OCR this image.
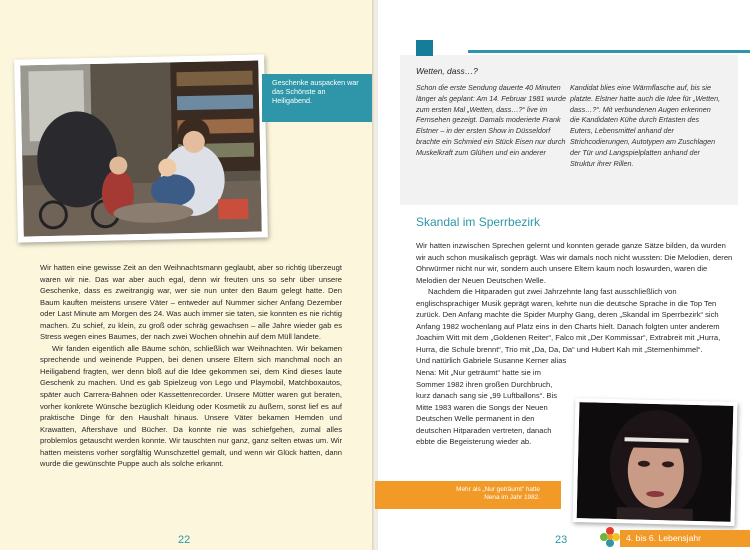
Geschenke auspacken war das Schönste an Heiligabend.

Wir hatten eine gewisse Zeit an den Weihnachtsmann geglaubt, aber so richtig überzeugt waren wir nie. Das war aber auch egal, denn wir freuten uns so sehr über unsere Geschenke, dass es zweitrangig war, wer sie nun unter den Baum gelegt hatte. Den Baum kauften meistens unsere Väter – entweder auf Nummer sicher Anfang Dezember oder Last Minute am Morgen des 24. Was auch immer sie taten, sie konnten es nie richtig machen. Zu schief, zu klein, zu groß oder schräg gewachsen – alle Jahre wieder gab es Stress wegen eines Baumes, der nach zwei Wochen ohnehin auf dem Müll landete.

Wir fanden eigentlich alle Bäume schön, schließlich war Weihnachten. Wir bekamen sprechende und weinende Puppen, bei denen unsere Eltern sich manchmal noch an Heiligabend fragten, wer denn bloß auf die Idee gekommen sei, dem Kind dieses laute Geschenk zu machen. Und es gab Spielzeug von Lego und Playmobil, Matchboxautos, später auch Carrera-Bahnen oder Kassettenrecorder. Unsere Mütter waren gut beraten, vorher konkrete Wünsche bezüglich Kleidung oder Kosmetik zu äußern, sonst lief es auf praktische Dinge für den Haushalt hinaus. Unsere Väter bekamen Hemden und Krawatten, Aftershave und Bücher. Da konnte nie was schiefgehen, zumal alles problemlos getauscht werden konnte. Wir tauschten nur ganz, ganz selten etwas um. Wir hatten meistens vorher sorgfältig Wunschzettel gemalt, und wenn wir Glück hatten, dann wurde die gewünschte Puppe auch als solche erkannt.

22
Wetten, dass…?
Schon die erste Sendung dauerte 40 Minuten länger als geplant: Am 14. Februar 1981 wurde zum ersten Mal „Wetten, dass…?“ live im Fernsehen gezeigt. Damals moderierte Frank Elstner – in der ersten Show in Düsseldorf brachte ein Schmied ein Stück Eisen nur durch Muskelkraft zum Glühen und ein anderer
Kandidat blies eine Wärmflasche auf, bis sie platzte. Elstner hatte auch die Idee für „Wetten, dass…?“. Mit verbundenen Augen erkennen die Kandidaten Kühe durch Ertasten des Euters, Lebensmittel anhand der Strichcodierungen, Autotypen am Zuschlagen der Tür und Langspielplatten anhand der Struktur ihrer Rillen.
Skandal im Sperrbezirk

Wir hatten inzwischen Sprechen gelernt und konnten gerade ganze Sätze bilden, da wurden wir auch schon musikalisch geprägt. Was wir damals noch nicht wussten: Die Melodien, deren Ohrwürmer nicht nur wir, sondern auch unsere Eltern kaum noch loswurden, waren die Melodien der Neuen Deutschen Welle.

Nachdem die Hitparaden gut zwei Jahrzehnte lang fast ausschließlich von englischsprachiger Musik geprägt waren, kehrte nun die deutsche Sprache in die Top Ten zurück. Den Anfang machte die Spider Murphy Gang, deren „Skandal im Sperrbezirk“ sich Anfang 1982 wochenlang auf Platz eins in den Charts hielt. Danach folgten unter anderem Joachim Witt mit dem „Goldenen Reiter“, Falco mit „Der Kommissar“, Extrabreit mit „Hurra, Hurra, die Schule brennt“, Trio mit „Da, Da, Da“ und Hubert Kah mit „Sternenhimmel“.

Und natürlich Gabriele Susanne Kerner alias Nena: Mit „Nur geträumt“ hatte sie im Sommer 1982 ihren großen Durchbruch, kurz danach sang sie „99 Luftballons“. Bis Mitte 1983 waren die Songs der Neuen Deutschen Welle permanent in den deutschen Hitparaden vertreten, danach ebbte die Begeisterung wieder ab.

Mehr als „Nur geträumt“ hatte Nena im Jahr 1982.
23	4. bis 6. Lebensjahr
